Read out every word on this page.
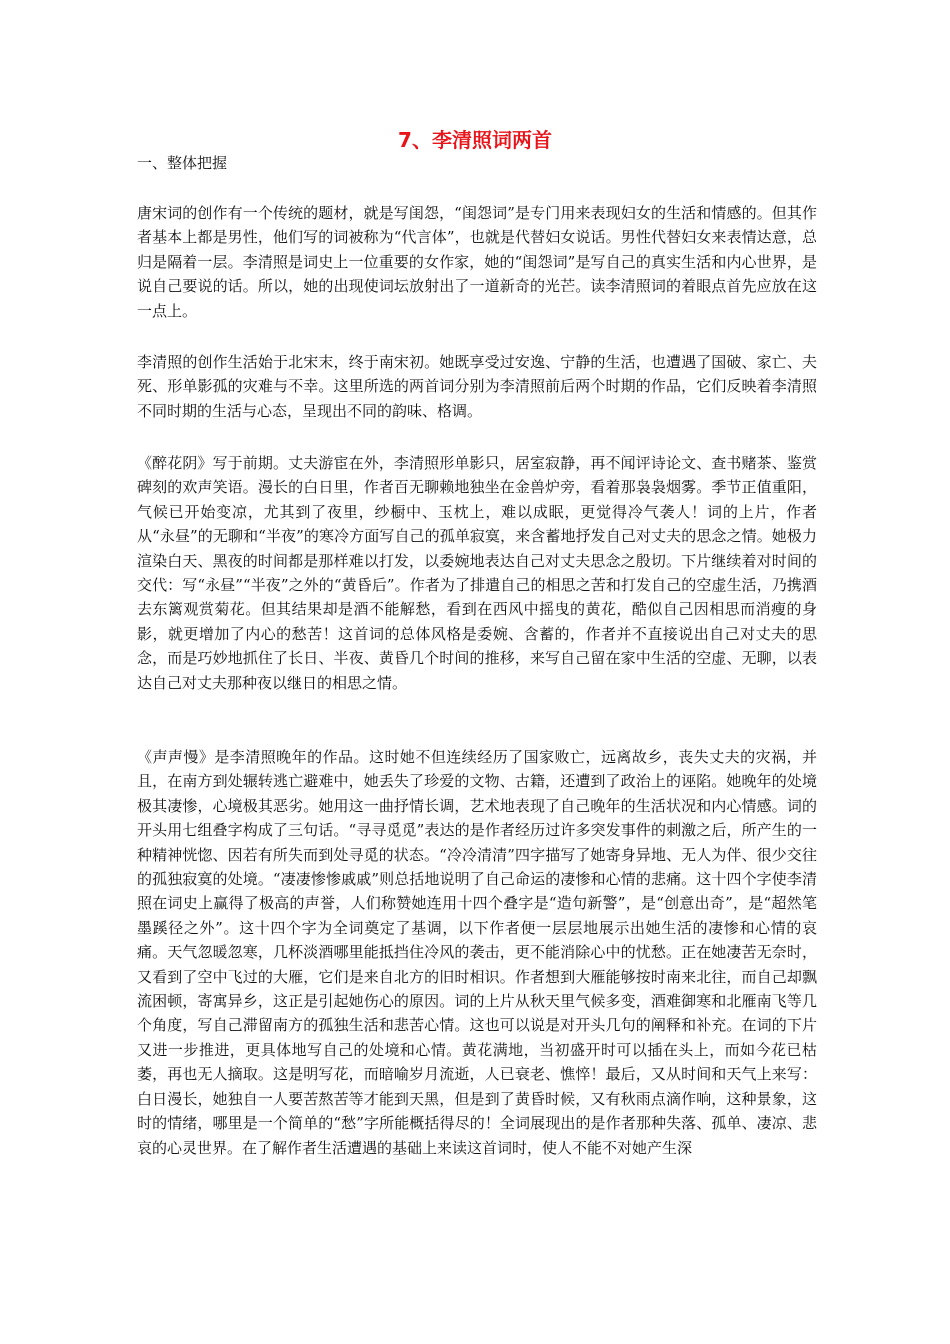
7、李清照词两首
一、整体把握

唐宋词的创作有一个传统的题材，就是写闺怨，“闺怨词”是专门用来表现妇女的生活和情感的。但其作者基本上都是男性，他们写的词被称为“代言体”，也就是代替妇女说话。男性代替妇女来表情达意，总归是隔着一层。李清照是词史上一位重要的女作家，她的“闺怨词”是写自己的真实生活和内心世界，是说自己要说的话。所以，她的出现使词坛放射出了一道新奇的光芒。读李清照词的着眼点首先应放在这一点上。

李清照的创作生活始于北宋末，终于南宋初。她既享受过安逸、宁静的生活，也遭遇了国破、家亡、夫死、形单影孤的灾难与不幸。这里所选的两首词分别为李清照前后两个时期的作品，它们反映着李清照不同时期的生活与心态，呈现出不同的韵味、格调。

《醉花阴》写于前期。丈夫游宦在外，李清照形单影只，居室寂静，再不闻评诗论文、查书赌茶、鉴赏碑刻的欢声笑语。漫长的白日里，作者百无聊赖地独坐在金兽炉旁，看着那袅袅烟雾。季节正值重阳，气候已开始变凉，尤其到了夜里，纱橱中、玉枕上，难以成眠，更觉得冷气袭人！词的上片，作者从“永昼”的无聊和“半夜”的寒冷方面写自己的孤单寂寞，来含蓄地抒发自己对丈夫的思念之情。她极力渲染白天、黑夜的时间都是那样难以打发，以委婉地表达自己对丈夫思念之殷切。下片继续着对时间的交代：写“永昼”“半夜”之外的“黄昏后”。作者为了排遣自己的相思之苦和打发自己的空虚生活，乃携酒去东篱观赏菊花。但其结果却是酒不能解愁，看到在西风中摇曳的黄花，酷似自己因相思而消瘦的身影，就更增加了内心的愁苦！这首词的总体风格是委婉、含蓄的，作者并不直接说出自己对丈夫的思念，而是巧妙地抓住了长日、半夜、黄昏几个时间的推移，来写自己留在家中生活的空虚、无聊，以表达自己对丈夫那种夜以继日的相思之情。

《声声慢》是李清照晚年的作品。这时她不但连续经历了国家败亡，远离故乡，丧失丈夫的灾祸，并且，在南方到处辗转逃亡避难中，她丢失了珍爱的文物、古籍，还遭到了政治上的诬陷。她晚年的处境极其凄惨，心境极其恶劣。她用这一曲抒情长调，艺术地表现了自己晚年的生活状况和内心情感。词的开头用七组叠字构成了三句话。“寻寻觅觅”表达的是作者经历过许多突发事件的刺激之后，所产生的一种精神恍惚、因若有所失而到处寻觅的状态。“冷冷清清”四字描写了她寄身异地、无人为伴、很少交往的孤独寂寞的处境。“凄凄惨惨戚戚”则总括地说明了自己命运的凄惨和心情的悲痛。这十四个字使李清照在词史上赢得了极高的声誉，人们称赞她连用十四个叠字是“造句新警”，是“创意出奇”，是“超然笔墨蹊径之外”。这十四个字为全词奠定了基调，以下作者便一层层地展示出她生活的凄惨和心情的哀痛。天气忽暖忽寒，几杯淡酒哪里能抵挡住冷风的袭击，更不能消除心中的忧愁。正在她凄苦无奈时，又看到了空中飞过的大雁，它们是来自北方的旧时相识。作者想到大雁能够按时南来北往，而自己却飘流困顿，寄寓异乡，这正是引起她伤心的原因。词的上片从秋天里气候多变，酒难御寒和北雁南飞等几个角度，写自己滞留南方的孤独生活和悲苦心情。这也可以说是对开头几句的阐释和补充。在词的下片又进一步推进，更具体地写自己的处境和心情。黄花满地，当初盛开时可以插在头上，而如今花已枯萎，再也无人摘取。这是明写花，而暗喻岁月流逝，人已衰老、憔悴！最后，又从时间和天气上来写：白日漫长，她独自一人要苦熬苦等才能到天黑，但是到了黄昏时候，又有秋雨点滴作响，这种景象，这时的情绪，哪里是一个简单的“愁”字所能概括得尽的！全词展现出的是作者那种失落、孤单、凄凉、悲哀的心灵世界。在了解作者生活遭遇的基础上来读这首词时，使人不能不对她产生深
